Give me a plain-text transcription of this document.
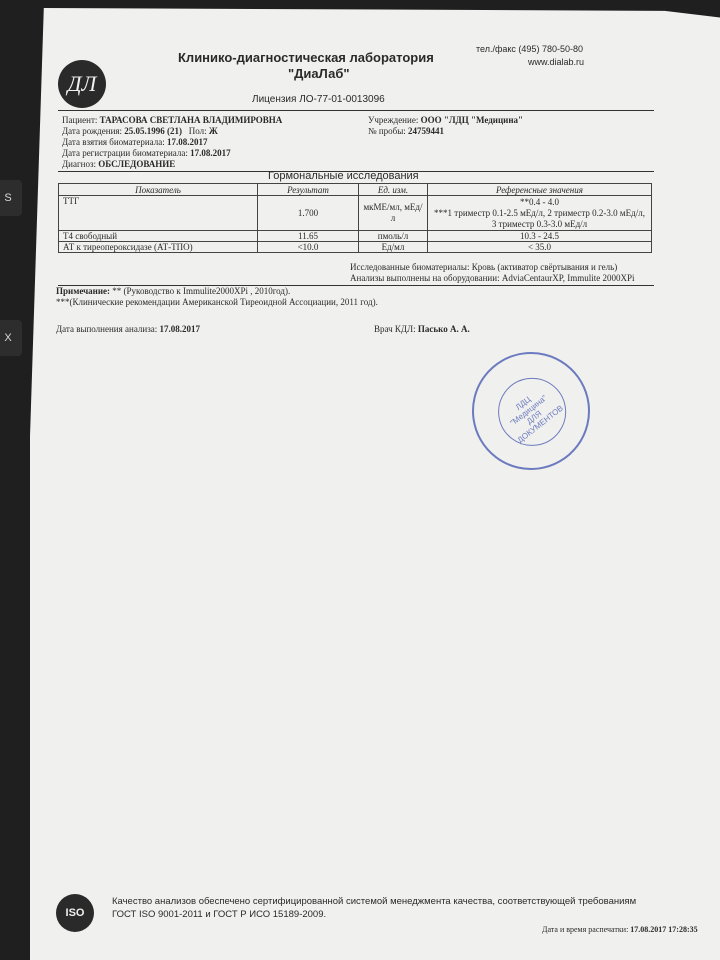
X
S
ДЛ
Клинико-диагностическая лаборатория
"ДиаЛаб"
тел./факс (495) 780-50-80
www.dialab.ru
Лицензия ЛО-77-01-0013096
Пациент: ТАРАСОВА СВЕТЛАНА ВЛАДИМИРОВНА
Дата рождения: 25.05.1996 (21) Пол: Ж
Дата взятия биоматериала: 17.08.2017
Дата регистрации биоматериала: 17.08.2017
Диагноз: ОБСЛЕДОВАНИЕ
Учреждение: ООО "ЛДЦ "Медицина"
№ пробы: 24759441
Гормональные исследования
Показатель	Результат	Ед. изм.	Референсные значения
ТТГ	1.700	мкМЕ/мл, мЕд/л	**0.4 - 4.0
***1 триместр 0.1-2.5 мЕд/л, 2 триместр 0.2-3.0 мЕд/л, 3 триместр 0.3-3.0 мЕд/л

Т4 свободный	11.65	пмоль/л	10.3 - 24.5
АТ к тиреопероксидазе (АТ-ТПО)	<10.0	Ед/мл	< 35.0
Исследованные биоматериалы: Кровь (активатор свёртывания и гель)
Анализы выполнены на оборудовании: AdviaCentaurXP, Immulite 2000XPi
Примечание: ** (Руководство к Immulite2000XPi , 2010год).
***(Клинические рекомендации Американской Тиреоидной Ассоциации, 2011 год).
Дата выполнения анализа: 17.08.2017	Врач КДЛ: Пасько А. А.
ЛДЦ "Медицина" ДЛЯ ДОКУМЕНТОВ
ISO
Качество анализов обеспечено сертифицированной системой менеджмента качества, соответствующей требованиям
ГОСТ ISO 9001-2011 и ГОСТ Р ИСО 15189-2009.
Дата и время распечатки: 17.08.2017 17:28:35
